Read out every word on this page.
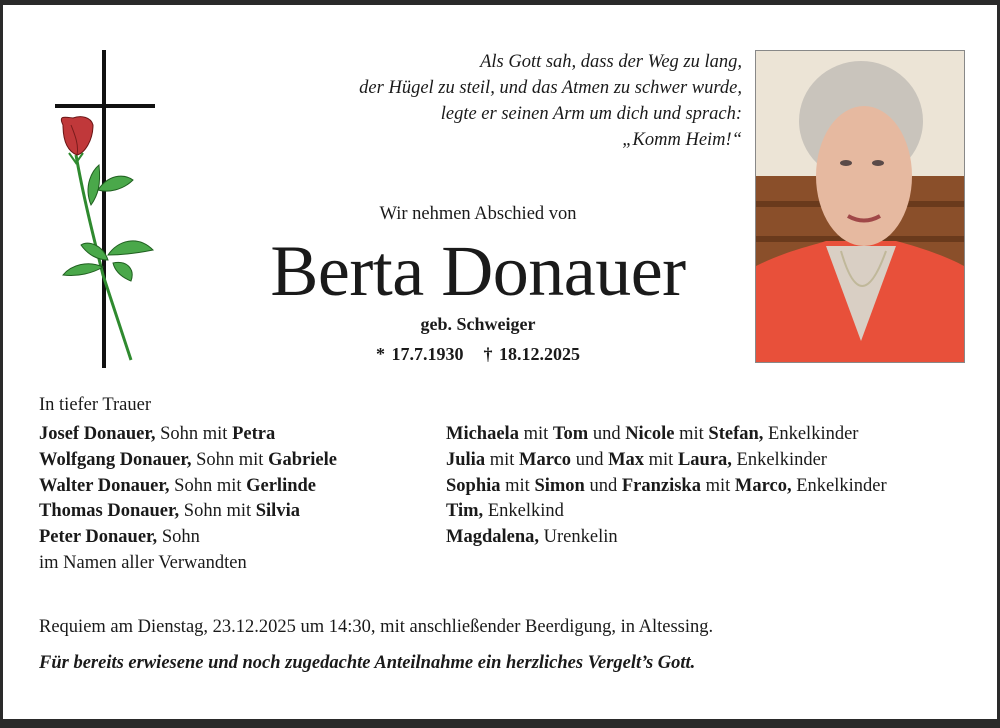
Als Gott sah, dass der Weg zu lang,
der Hügel zu steil, und das Atmen zu schwer wurde,
legte er seinen Arm um dich und sprach:
„Komm Heim!“
Wir nehmen Abschied von
Berta Donauer
geb. Schweiger
* 17.7.1930 † 18.12.2025
In tiefer Trauer
Josef Donauer, Sohn mit Petra
Wolfgang Donauer, Sohn mit Gabriele
Walter Donauer, Sohn mit Gerlinde
Thomas Donauer, Sohn mit Silvia
Peter Donauer, Sohn
im Namen aller Verwandten
Michaela mit Tom und Nicole mit Stefan, Enkelkinder
Julia mit Marco und Max mit Laura, Enkelkinder
Sophia mit Simon und Franziska mit Marco, Enkelkinder
Tim, Enkelkind
Magdalena, Urenkelin
Requiem am Dienstag, 23.12.2025 um 14:30, mit anschließender Beerdigung, in Altessing.
Für bereits erwiesene und noch zugedachte Anteilnahme ein herzliches Vergelt’s Gott.
